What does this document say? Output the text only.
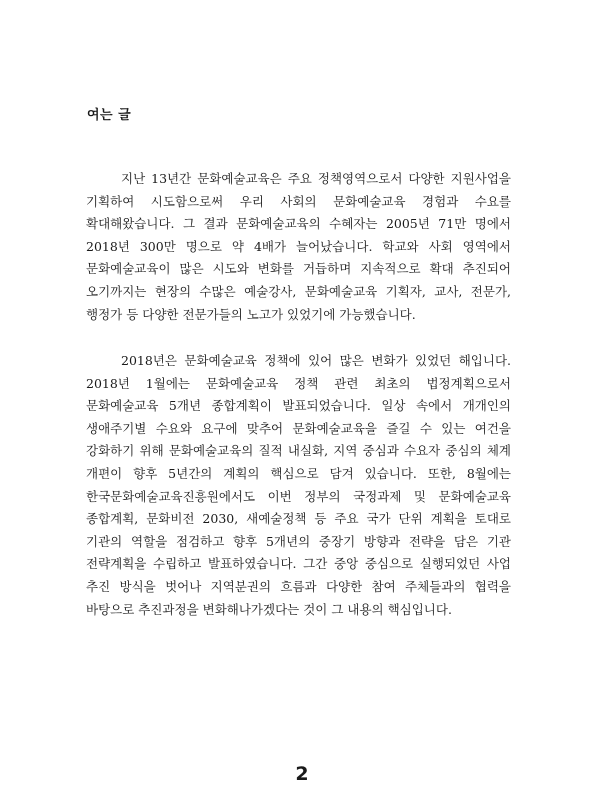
여는 글

지난 13년간 문화예술교육은 주요 정책영역으로서 다양한 지원사업을 기획하여 시도함으로써 우리 사회의 문화예술교육 경험과 수요를 확대해왔습니다. 그 결과 문화예술교육의 수혜자는 2005년 71만 명에서 2018년 300만 명으로 약 4배가 늘어났습니다. 학교와 사회 영역에서 문화예술교육이 많은 시도와 변화를 거듭하며 지속적으로 확대 추진되어 오기까지는 현장의 수많은 예술강사, 문화예술교육 기획자, 교사, 전문가, 행정가 등 다양한 전문가들의 노고가 있었기에 가능했습니다.

2018년은 문화예술교육 정책에 있어 많은 변화가 있었던 해입니다. 2018년 1월에는 문화예술교육 정책 관련 최초의 법정계획으로서 문화예술교육 5개년 종합계획이 발표되었습니다. 일상 속에서 개개인의 생애주기별 수요와 요구에 맞추어 문화예술교육을 즐길 수 있는 여건을 강화하기 위해 문화예술교육의 질적 내실화, 지역 중심과 수요자 중심의 체계 개편이 향후 5년간의 계획의 핵심으로 담겨 있습니다. 또한, 8월에는 한국문화예술교육진흥원에서도 이번 정부의 국정과제 및 문화예술교육 종합계획, 문화비전 2030, 새예술정책 등 주요 국가 단위 계획을 토대로 기관의 역할을 점검하고 향후 5개년의 중장기 방향과 전략을 담은 기관 전략계획을 수립하고 발표하였습니다. 그간 중앙 중심으로 실행되었던 사업 추진 방식을 벗어나 지역분권의 흐름과 다양한 참여 주체들과의 협력을 바탕으로 추진과정을 변화해나가겠다는 것이 그 내용의 핵심입니다.

2
